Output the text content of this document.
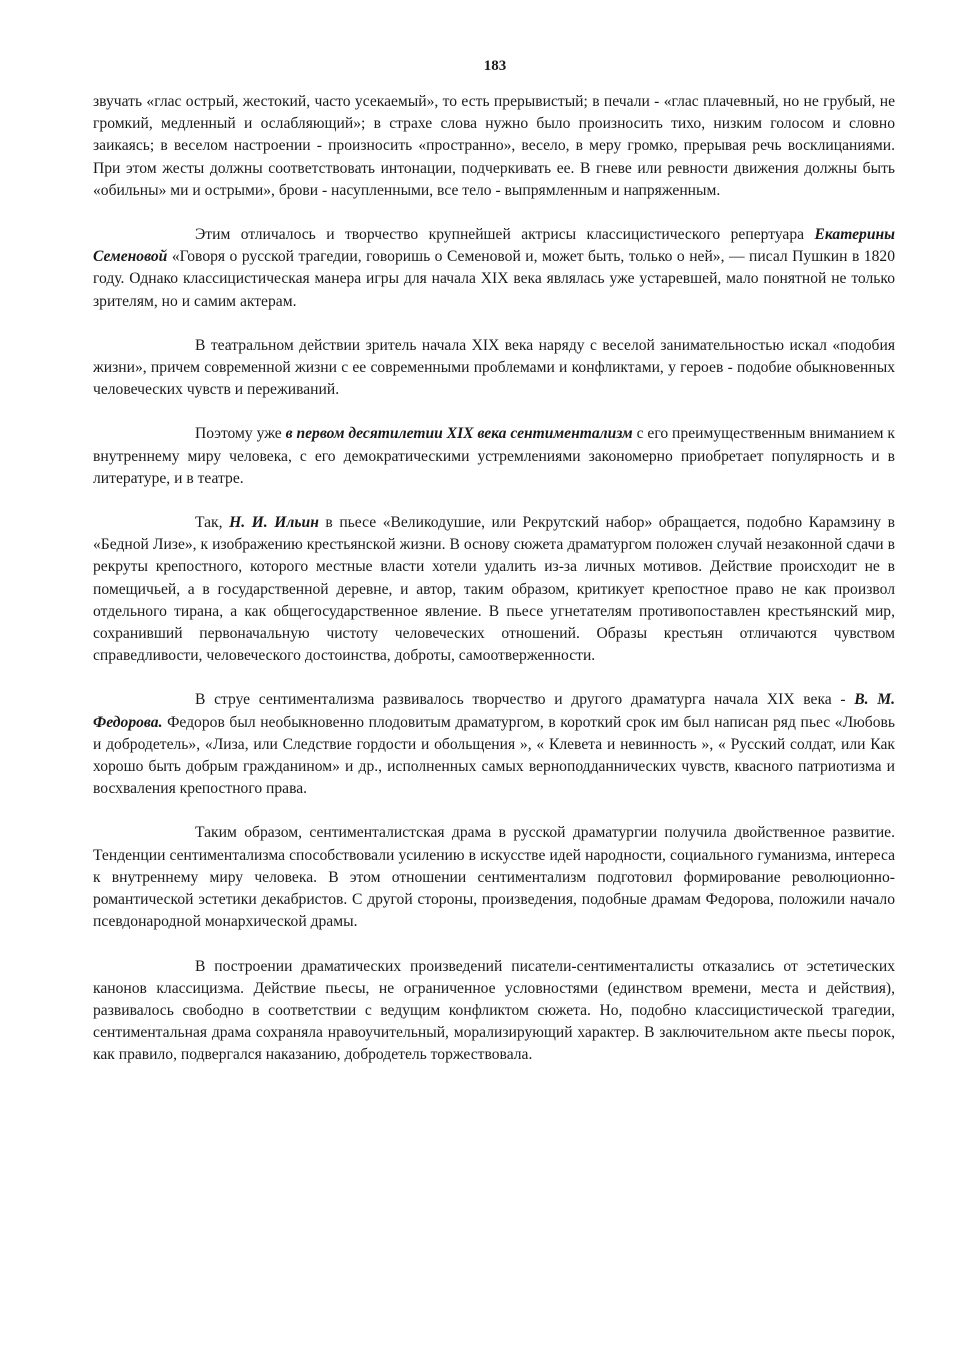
183

звучать «глас острый, жестокий, часто усекаемый», то есть прерывистый; в печали - «глас плачевный, но не грубый, не громкий, медленный и ослабляющий»; в страхе слова нужно было произносить тихо, низким голосом и словно заикаясь; в веселом настроении - произносить «пространно», весело, в меру громко, прерывая речь восклицаниями. При этом жесты должны соответствовать интонации, подчеркивать ее. В гневе или ревности движения должны быть «обильны» ми и острыми», брови - насупленными, все тело - выпрямленным и напряженным.

Этим отличалось и творчество крупнейшей актрисы классицистического репертуара Екатерины Семеновой «Говоря о русской трагедии, говоришь о Семеновой и, может быть, только о ней», — писал Пушкин в 1820 году. Однако классицистическая манера игры для начала XIX века являлась уже устаревшей, мало понятной не только зрителям, но и самим актерам.

В театральном действии зритель начала XIX века наряду с веселой занимательностью искал «подобия жизни», причем современной жизни с ее современными проблемами и конфликтами, у героев - подобие обыкновенных человеческих чувств и переживаний.

Поэтому уже в первом десятилетии XIX века сентиментализм с его преимущественным вниманием к внутреннему миру человека, с его демократическими устремлениями закономерно приобретает популярность и в литературе, и в театре.

Так, Н. И. Ильин в пьесе «Великодушие, или Рекрутский набор» обращается, подобно Карамзину в «Бедной Лизе», к изображению крестьянской жизни. В основу сюжета драматургом положен случай незаконной сдачи в рекруты крепостного, которого местные власти хотели удалить из-за личных мотивов. Действие происходит не в помещичьей, а в государственной деревне, и автор, таким образом, критикует крепостное право не как произвол отдельного тирана, а как общегосударственное явление. В пьесе угнетателям противопоставлен крестьянский мир, сохранивший первоначальную чистоту человеческих отношений. Образы крестьян отличаются чувством справедливости, человеческого достоинства, доброты, самоотверженности.

В струе сентиментализма развивалось творчество и другого драматурга начала XIX века - В. М. Федорова. Федоров был необыкновенно плодовитым драматургом, в короткий срок им был написан ряд пьес «Любовь и добродетель», «Лиза, или Следствие гордости и обольщения », « Клевета и невинность », « Русский солдат, или Как хорошо быть добрым гражданином» и др., исполненных самых верноподданнических чувств, квасного патриотизма и восхваления крепостного права.

Таким образом, сентименталистская драма в русской драматургии получила двойственное развитие. Тенденции сентиментализма способствовали усилению в искусстве идей народности, социального гуманизма, интереса к внутреннему миру человека. В этом отношении сентиментализм подготовил формирование революционно-романтической эстетики декабристов. С другой стороны, произведения, подобные драмам Федорова, положили начало псевдонародной монархической драмы.

В построении драматических произведений писатели-сентименталисты отказались от эстетических канонов классицизма. Действие пьесы, не ограниченное условностями (единством времени, места и действия), развивалось свободно в соответствии с ведущим конфликтом сюжета. Но, подобно классицистической трагедии, сентиментальная драма сохраняла нравоучительный, морализирующий характер. В заключительном акте пьесы порок, как правило, подвергался наказанию, добродетель торжествовала.
